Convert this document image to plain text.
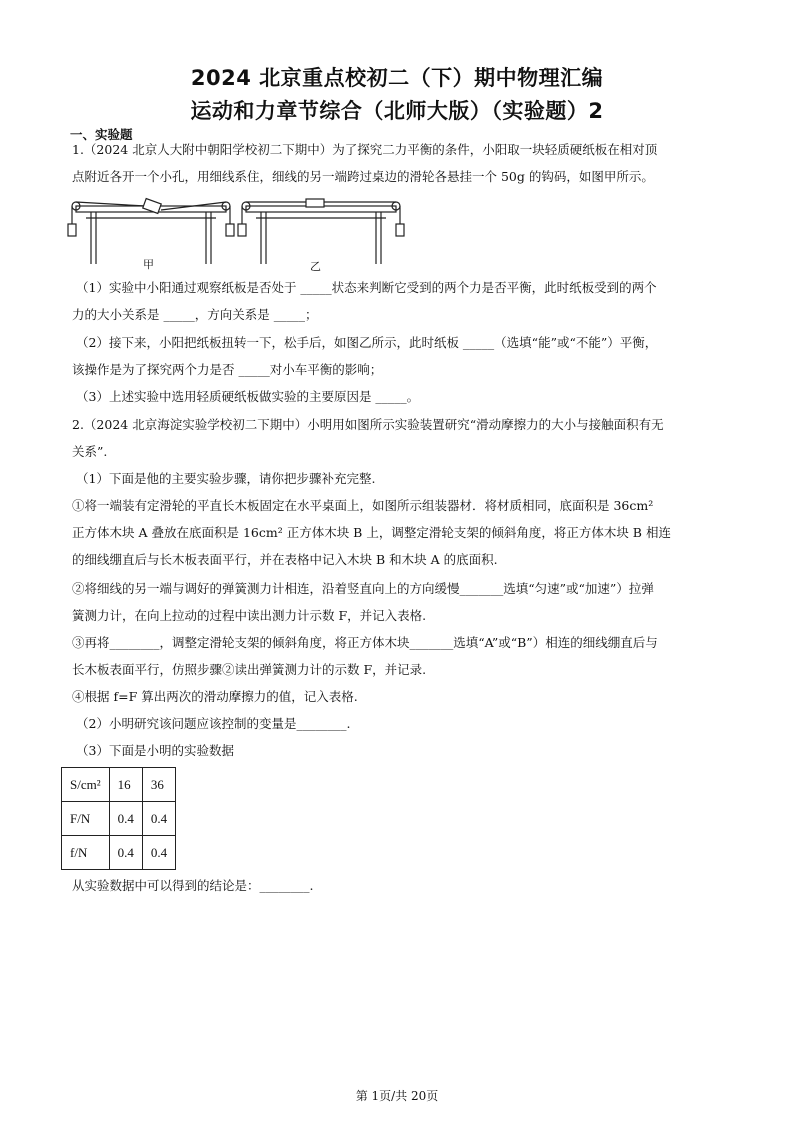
2024 北京重点校初二（下）期中物理汇编
运动和力章节综合（北师大版）（实验题）2
一、实验题
1.（2024 北京人大附中朝阳学校初二下期中）为了探究二力平衡的条件，小阳取一块轻质硬纸板在相对顶
点附近各开一个小孔，用细线系住，细线的另一端跨过桌边的滑轮各悬挂一个 50g 的钩码，如图甲所示。
甲	乙
（1）实验中小阳通过观察纸板是否处于 _____状态来判断它受到的两个力是否平衡，此时纸板受到的两个
力的大小关系是 _____，方向关系是 _____；
（2）接下来，小阳把纸板扭转一下，松手后，如图乙所示，此时纸板 _____（选填“能”或“不能”）平衡，
该操作是为了探究两个力是否 _____对小车平衡的影响；
（3）上述实验中选用轻质硬纸板做实验的主要原因是 _____。
2.（2024 北京海淀实验学校初二下期中）小明用如图所示实验装置研究“滑动摩擦力的大小与接触面积有无
关系”.
（1）下面是他的主要实验步骤，请你把步骤补充完整.
①将一端装有定滑轮的平直长木板固定在水平桌面上，如图所示组装器材．将材质相同，底面积是 36cm²
正方体木块 A 叠放在底面积是 16cm² 正方体木块 B 上，调整定滑轮支架的倾斜角度，将正方体木块 B 相连
的细线绷直后与长木板表面平行，并在表格中记入木块 B 和木块 A 的底面积.
②将细线的另一端与调好的弹簧测力计相连，沿着竖直向上的方向缓慢_______选填“匀速”或“加速”）拉弹
簧测力计，在向上拉动的过程中读出测力计示数 F，并记入表格.
③再将________，调整定滑轮支架的倾斜角度，将正方体木块_______选填“A”或“B”）相连的细线绷直后与
长木板表面平行，仿照步骤②读出弹簧测力计的示数 F，并记录.
④根据 f=F 算出两次的滑动摩擦力的值，记入表格.
（2）小明研究该问题应该控制的变量是________.
（3）下面是小明的实验数据
S/cm²	16	36
F/N	0.4	0.4
f/N	0.4	0.4
从实验数据中可以得到的结论是：________.
第 1页/共 20页
